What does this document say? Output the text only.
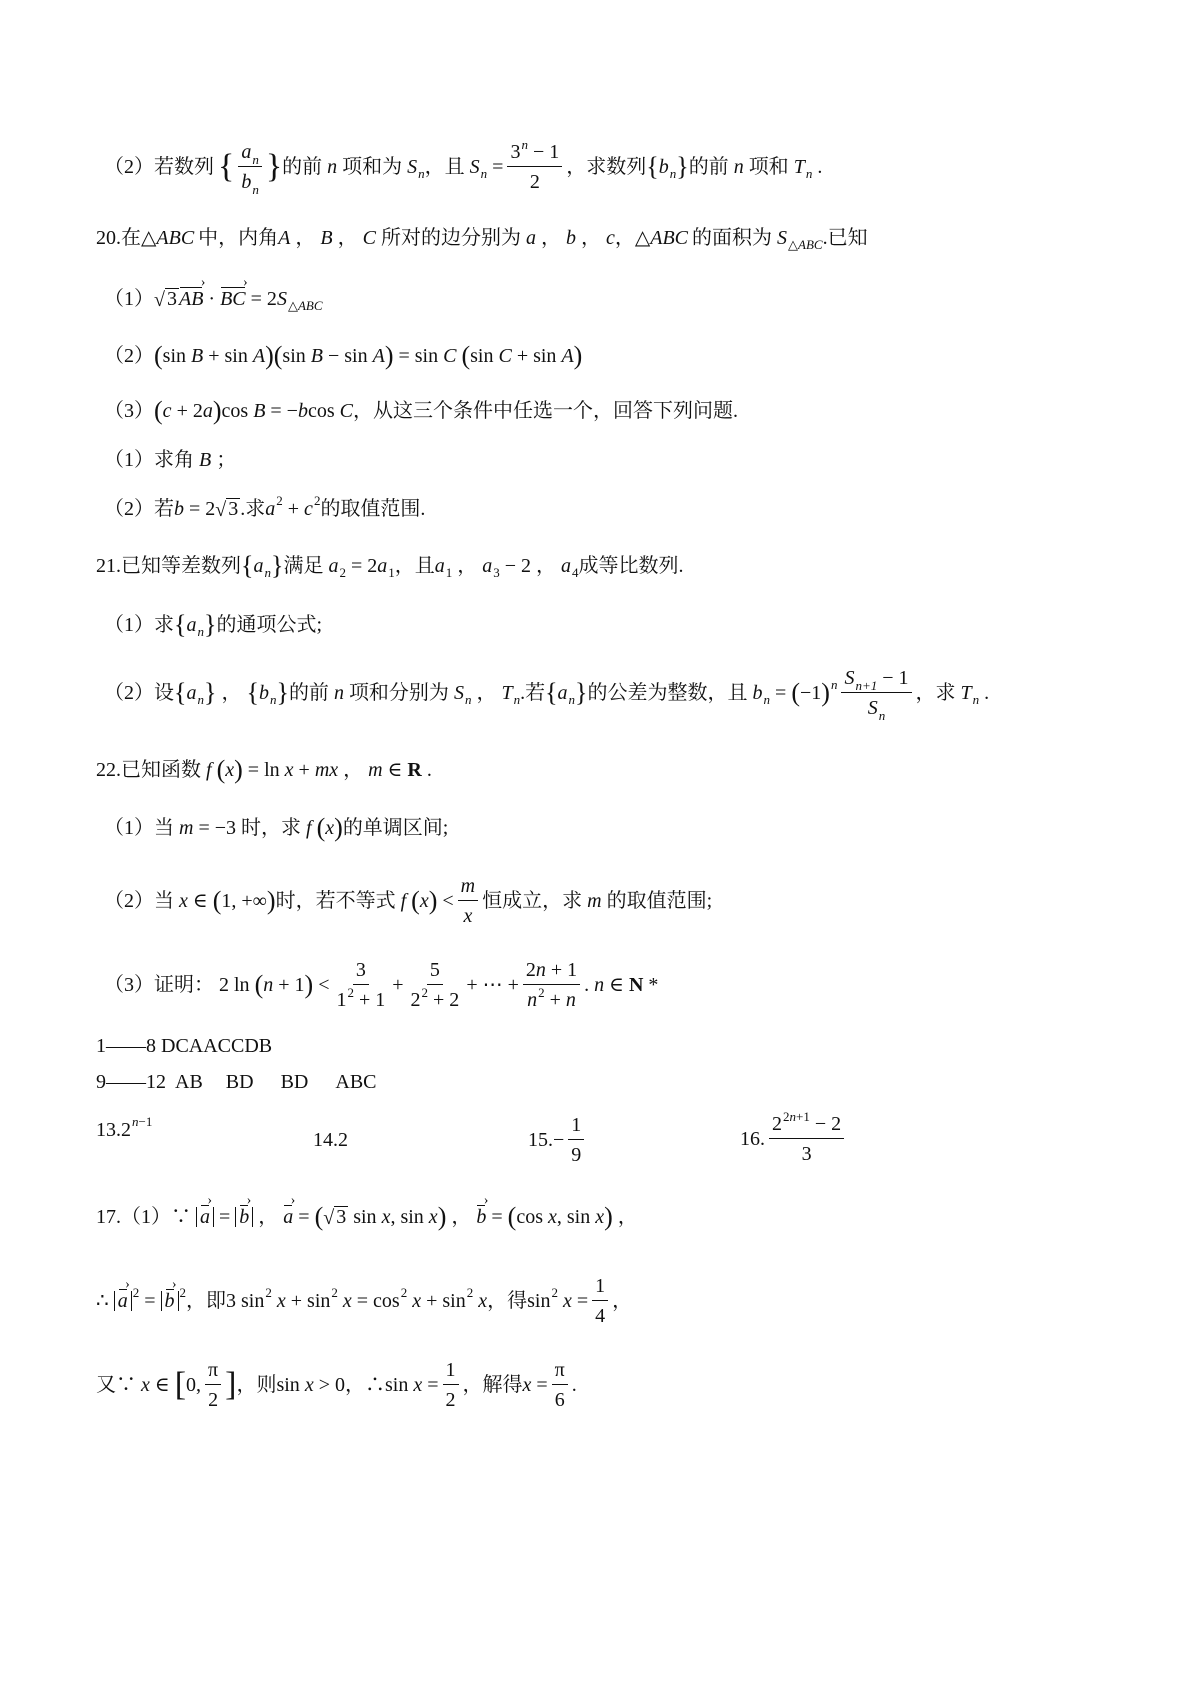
（2）若数列 { $\frac{a_n}{b_n}$ } 的前 n 项和为 S n ，且 S $n = \frac{3^n - 1}{2}$ ，求数列 { b n } 的前 n 项和 T n
.
20.在△ ABC 中，内角 A ， B ， C
所对的边分别为 a ， b ， c ，△ ABC 的面积为 S △ABC .已知
（1） √ 3 AB › · BC › = 2 S △ABC
（2） ( sin B + sin A )( sin B − sin A ) = sin C
( sin C + sin A )
（3） ( c + 2 a ) cos B = − b cos C ，从这三个条件中任选一个，回答下列问题.
（1）求角 B
；
（2）若 b = 2 √ 3 .求 a 2 + c 2 的取值范围.
21.已知等差数列 { a n } 满足 a 2 = 2 a 1 ，且 a 1 ， a 3 − 2 ， a 4 成等比数列.
（1）求 { a n } 的通项公式;
（2）设 { a n } ， { b n } 的前 n 项和分别为 S n ， T n .若 { a n } 的公差为整数，且 b n = ( −1 ) n $\frac{S_{n+1} - 1}{S_n}$ ，求 T n .
22.已知函数 f
( x ) = ln x + mx ， m ∈ R .
（1）当 m = −3 时，求 f
( x ) 的单调区间;
（2）当 x ∈ ( 1, +∞ ) 时，若不等式 f
( x ) < $\frac{m}{x}$ 恒成立，求 m 的取值范围;
（3）证明： 2 ln ( n + 1 ) < $\frac{3}{1^2 + 1} + \frac{5}{2^2 + 2}$ + ⋯ + $\frac{2n + 1}{n^2 + n}$ . n ∈ N *
1——8 DCAACCDB
9——12 AB BD BD ABC
13. 2 n−1
14.2	15. − $\frac{1}{9}$	16. $\frac{2^{2n+1} - 2}{3}$
17.（1）∵
a › = b › ， a › = ( √ 3 sin x , sin x ) ， b › = ( cos x , sin x ) ，
∴ a › 2 = b › 2 ，即 3 sin 2
x + sin 2
x = cos 2
x + sin 2
x ，得 sin 2
$x = \frac{1}{4}$ ，
又∵
x ∈ [ 0, $\frac{\pi}{2}$ ] ，则 sin x > 0 ，∴ $\sin x = \frac{1}{2}$ ，解得 $x = \frac{\pi}{6}$ .
